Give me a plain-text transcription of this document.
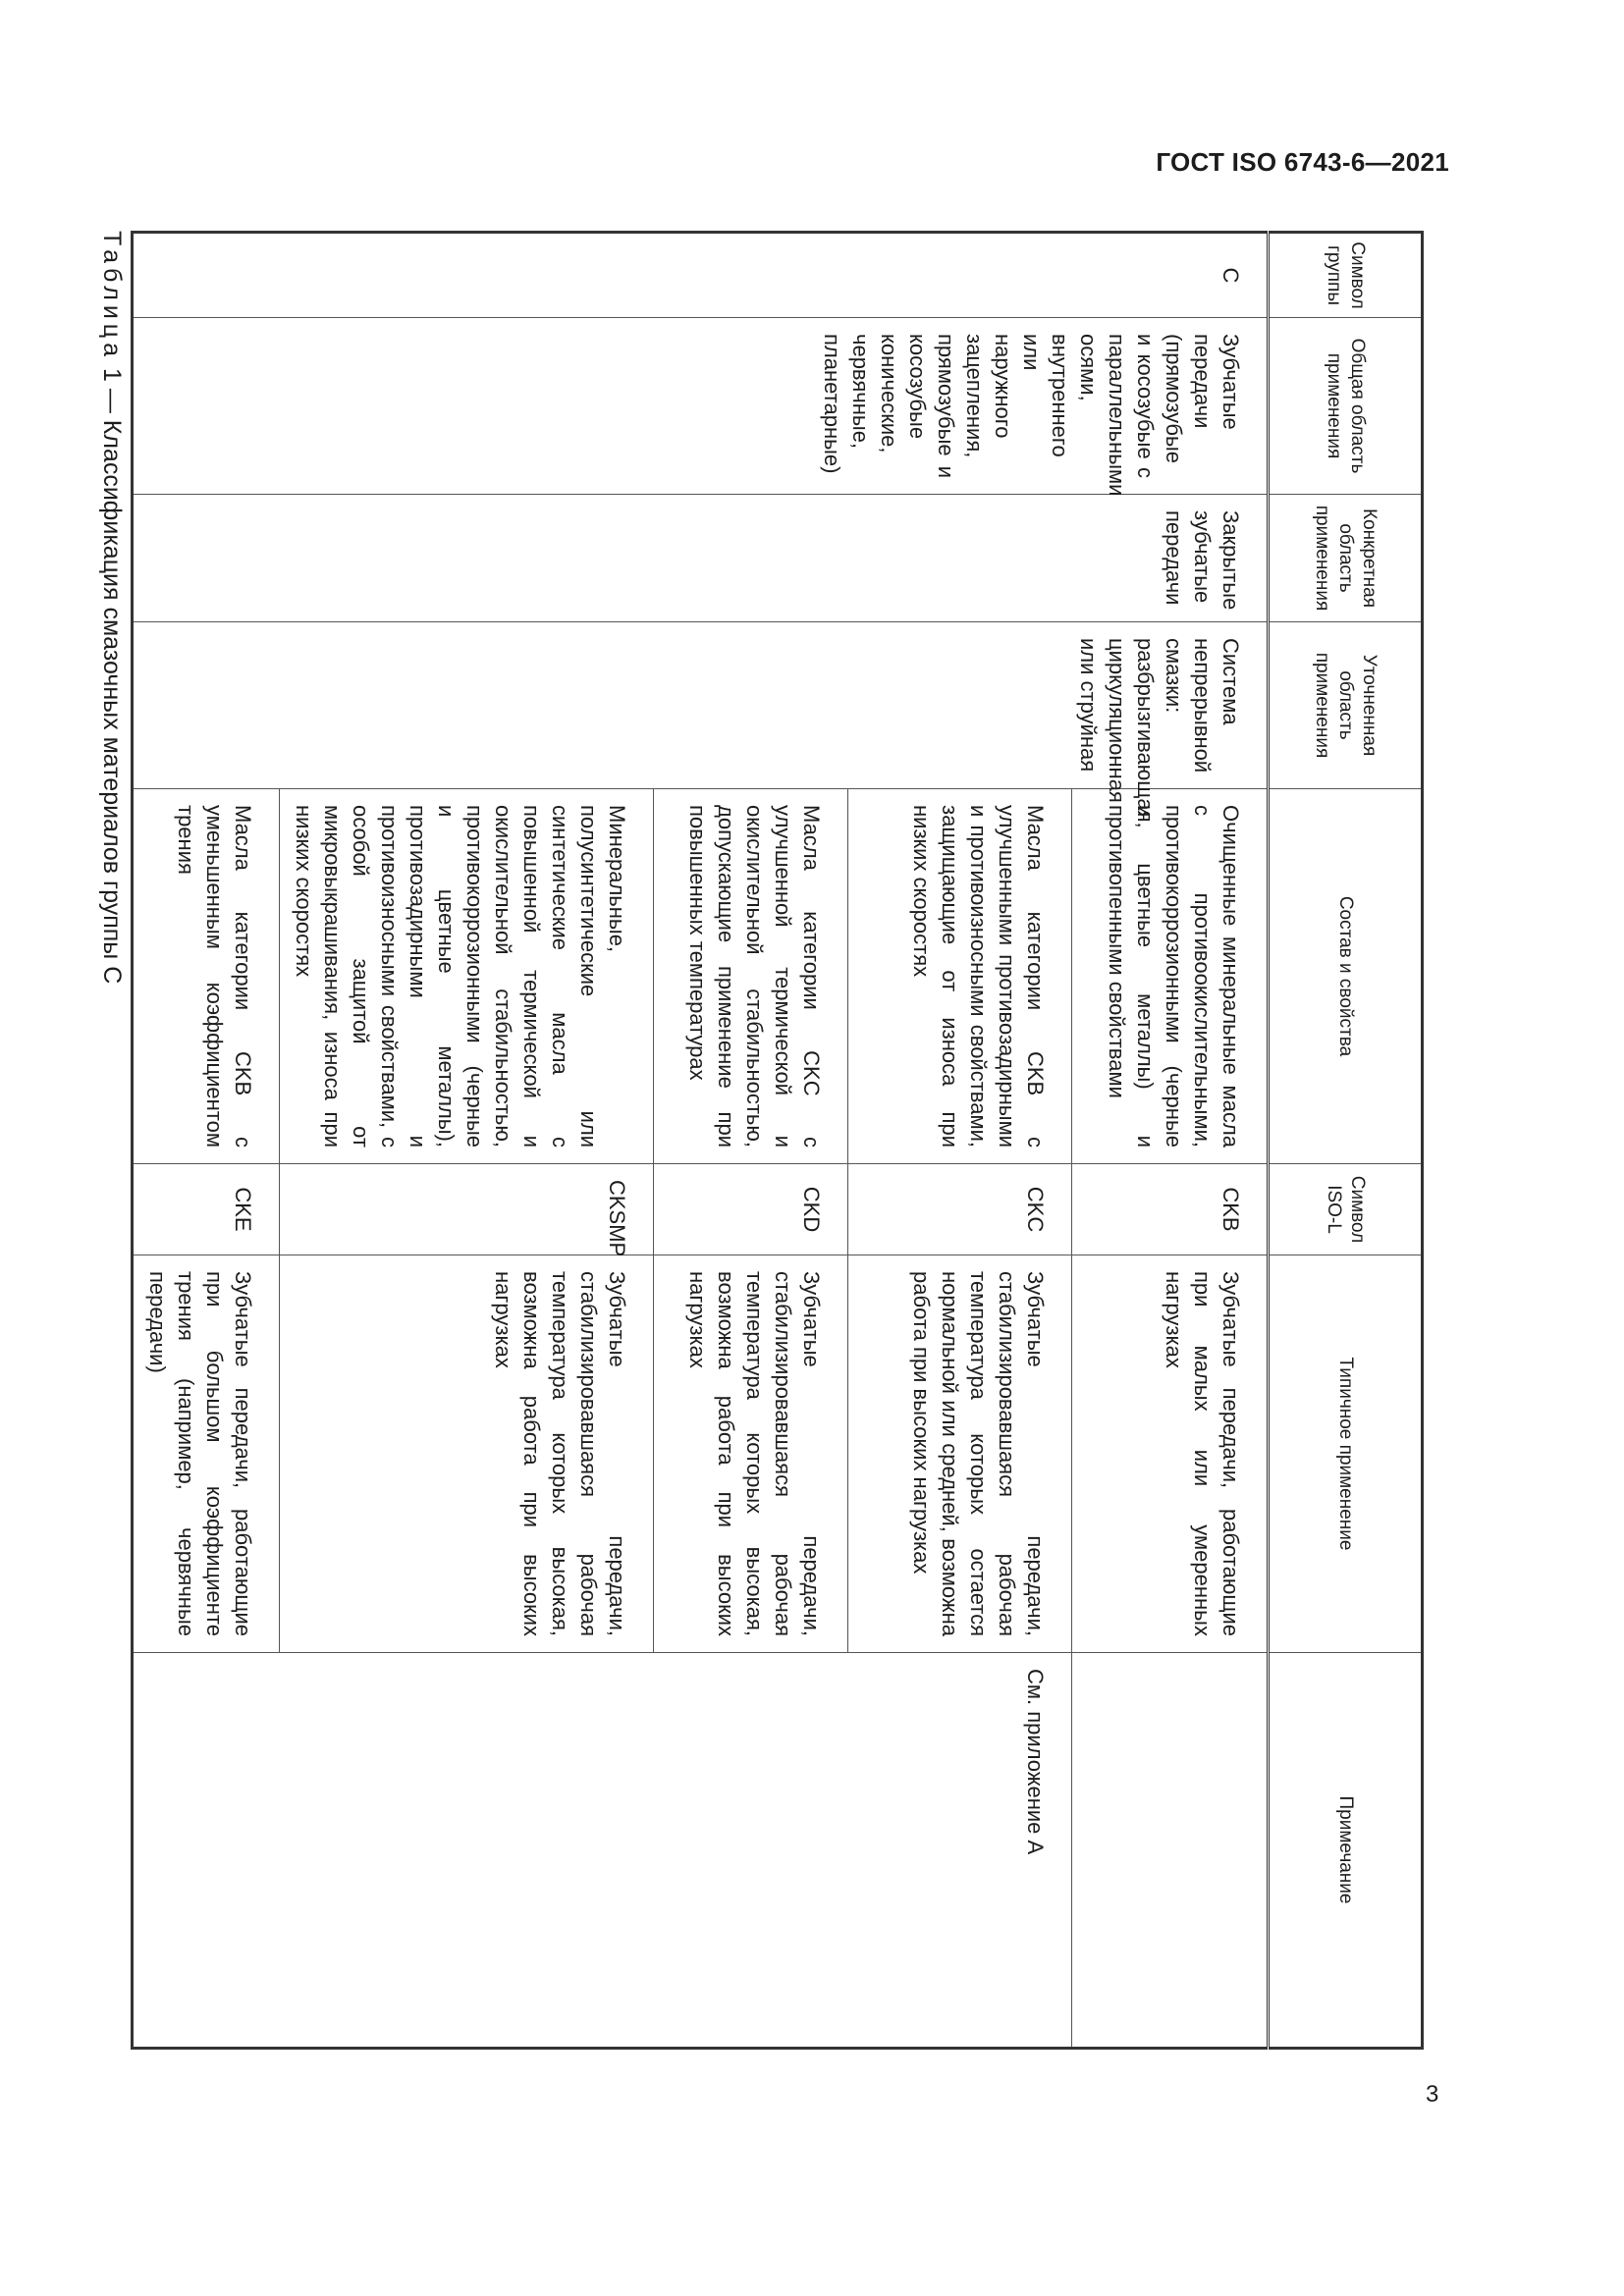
ГОСТ ISO 6743-6—2021
Символ группы	Общая область применения	Конкретная область применения	Уточненная область применения	Состав и свойства	Символ ISO-L	Типичное применение	Примечание
С	Зубчатые передачи (прямозубые и косозубые с параллельными осями, внутреннего или наружного зацепления, прямозубые и косозубые конические, червячные, планетарные)	Закрытые зубчатые передачи	Система непрерывной смазки: разбрызгивающая, циркуляционная или струйная	Очищенные минеральные масла с противоокислительными, противокоррозионными (черные и цветные металлы) и противопенными свойствами	CKB	Зубчатые передачи, работающие при малых или умеренных нагрузках	
				Масла категории CKB с улучшенными противозадирными и противоизносными свойствами, защищающие от износа при низких скоростях	CKC	Зубчатые передачи, стабилизировавшаяся рабочая температура которых остается нормальной или средней, возможна работа при высоких нагрузках	См. приложение А
				Масла категории CKC с улучшенной термической и окислительной стабильностью, допускающие применение при повышенных температурах	CKD	Зубчатые передачи, стабилизировавшаяся рабочая температура которых высокая, возможна работа при высоких нагрузках	
				Минеральные, полусинтетические или синтетические масла с повышенной термической и окислительной стабильностью, противокоррозионными (черные и цветные металлы), противозадирными и противоизносными свойствами, с особой защитой от микровыкрашивания, износа при низких скоростях	CKSMP	Зубчатые передачи, стабилизировавшаяся рабочая температура которых высокая, возможна работа при высоких нагрузках	
				Масла категории CKB с уменьшенным коэффициентом трения	CKE	Зубчатые передачи, работающие при большом коэффициенте трения (например, червячные передачи)	
Таблица 1 — Классификация смазочных материалов группы С
3
